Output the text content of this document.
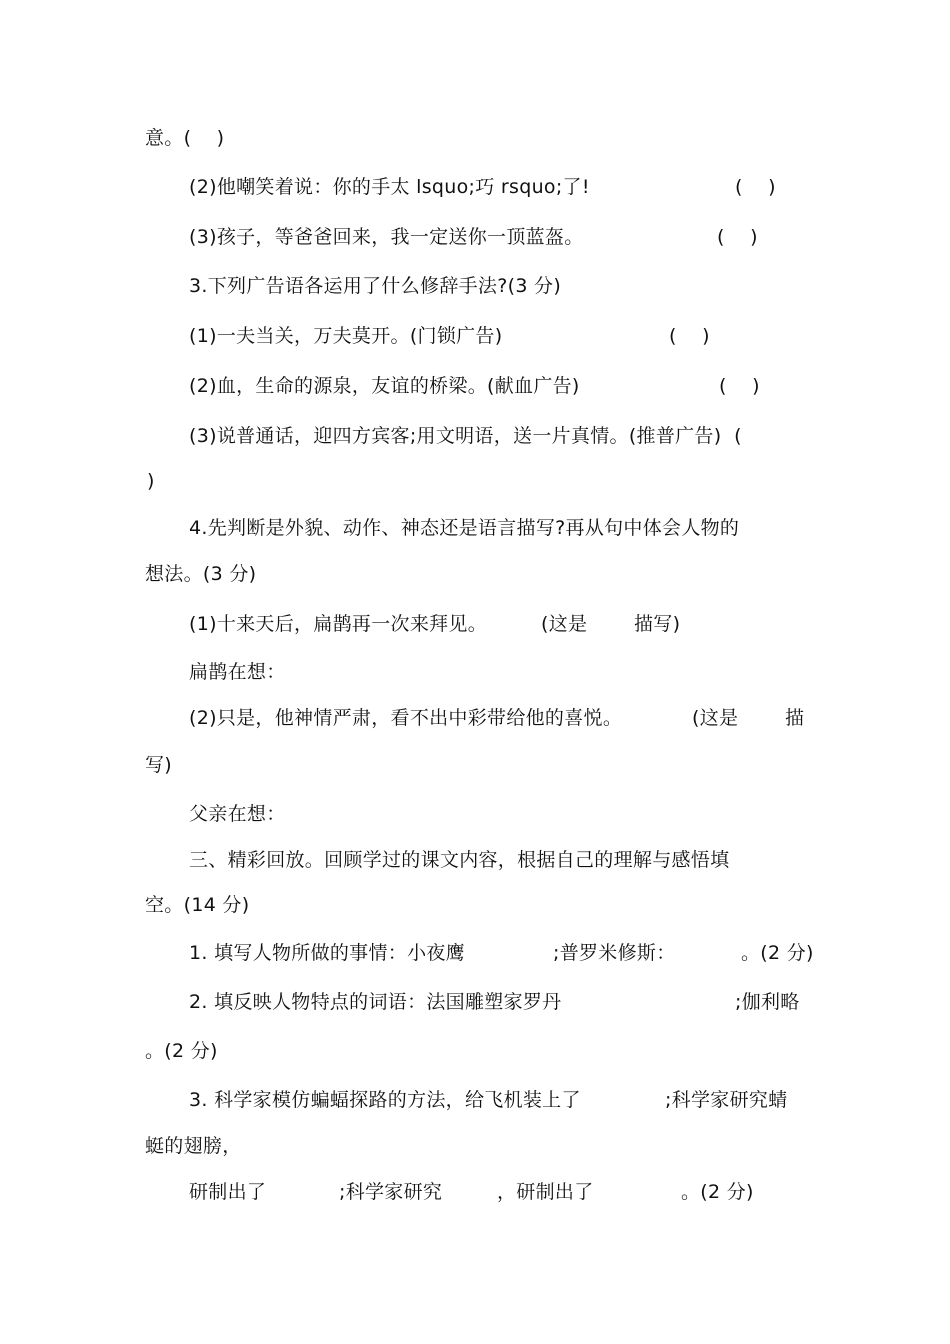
意。(    )
(2)他嘲笑着说：你的手太 lsquo;巧 rsquo;了!	(    )
(3)孩子，等爸爸回来，我一定送你一顶蓝盔。	(    )
3.下列广告语各运用了什么修辞手法?(3 分)
(1)一夫当关，万夫莫开。(门锁广告)	(    )
(2)血，生命的源泉，友谊的桥梁。(献血广告)	(    )
(3)说普通话，迎四方宾客;用文明语，送一片真情。(推普广告)  (
)
4.先判断是外貌、动作、神态还是语言描写?再从句中体会人物的
想法。(3 分)
(1)十来天后，扁鹊再一次来拜见。	(这是 描写)
扁鹊在想：
(2)只是，他神情严肃，看不出中彩带给他的喜悦。	(这是 描
写)
父亲在想：
三、精彩回放。回顾学过的课文内容，根据自己的理解与感悟填
空。(14 分)
1. 填写人物所做的事情：小夜鹰	;普罗米修斯：	。(2 分)
2. 填反映人物特点的词语：法国雕塑家罗丹	;伽利略
。(2 分)
3. 科学家模仿蝙蝠探路的方法，给飞机装上了	;科学家研究蜻
蜓的翅膀，
研制出了	;科学家研究	，研制出了	。(2 分)
